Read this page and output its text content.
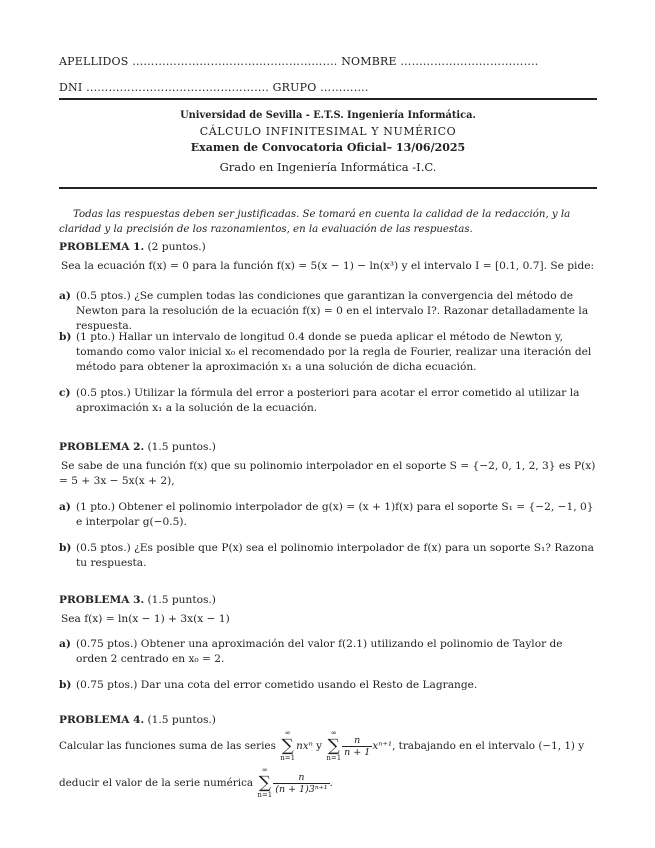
APELLIDOS ………………………………………………. NOMBRE ……………………………….
DNI …………………………………………. GRUPO ………….
Universidad de Sevilla - E.T.S. Ingeniería Informática.
CÁLCULO INFINITESIMAL Y NUMÉRICO
Examen de Convocatoria Oficial– 13/06/2025
Grado en Ingeniería Informática -I.C.
Todas las respuestas deben ser justificadas. Se tomará en cuenta la calidad de la redacción, y la claridad y la precisión de los razonamientos, en la evaluación de las respuestas.
PROBLEMA 1. (2 puntos.)
Sea la ecuación f(x) = 0 para la función f(x) = 5(x − 1) − ln(x³) y el intervalo I = [0.1, 0.7]. Se pide:
a) (0.5 ptos.) ¿Se cumplen todas las condiciones que garantizan la convergencia del método de Newton para la resolución de la ecuación f(x) = 0 en el intervalo I?. Razonar detalladamente la respuesta.
b) (1 pto.) Hallar un intervalo de longitud 0.4 donde se pueda aplicar el método de Newton y, tomando como valor inicial x₀ el recomendado por la regla de Fourier, realizar una iteración del método para obtener la aproximación x₁ a una solución de dicha ecuación.
c) (0.5 ptos.) Utilizar la fórmula del error a posteriori para acotar el error cometido al utilizar la aproximación x₁ a la solución de la ecuación.
PROBLEMA 2. (1.5 puntos.)
Se sabe de una función f(x) que su polinomio interpolador en el soporte S = {−2, 0, 1, 2, 3} es P(x) = 5 + 3x − 5x(x + 2),
a) (1 pto.) Obtener el polinomio interpolador de g(x) = (x + 1)f(x) para el soporte S₁ = {−2, −1, 0} e interpolar g(−0.5).
b) (0.5 ptos.) ¿Es posible que P(x) sea el polinomio interpolador de f(x) para un soporte S₁? Razona tu respuesta.
PROBLEMA 3. (1.5 puntos.)
Sea f(x) = ln(x − 1) + 3x(x − 1)
a) (0.75 ptos.) Obtener una aproximación del valor f(2.1) utilizando el polinomio de Taylor de orden 2 centrado en x₀ = 2.
b) (0.75 ptos.) Dar una cota del error cometido usando el Resto de Lagrange.
PROBLEMA 4. (1.5 puntos.)
Calcular las funciones suma de las series
∞
∑
n=1
nxⁿ y
∞
∑
n=1
$\frac{n}{n + 1} x^{n+1}$, trabajando en el intervalo (−1, 1) y
deducir el valor de la serie numérica
∞
∑
n=1
$\frac{n}{\text{(n + 1)3ⁿ⁺¹}}$ .
